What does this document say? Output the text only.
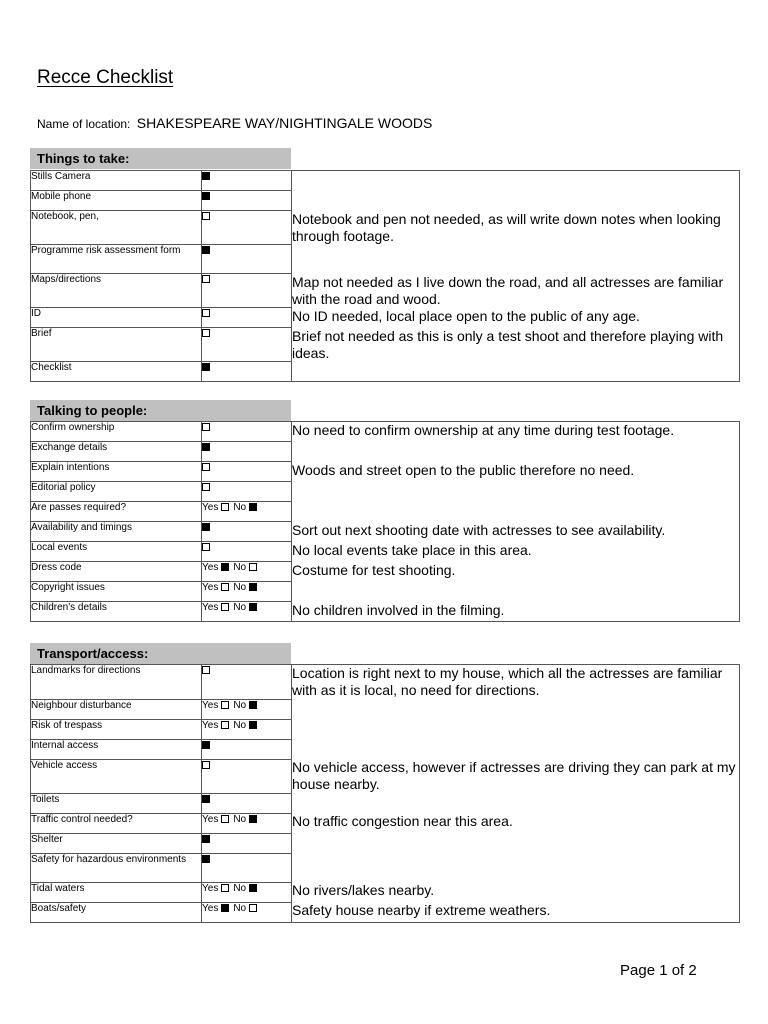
Recce Checklist
Name of location: SHAKESPEARE WAY/NIGHTINGALE WOODS
Things to take:
Stills Camera		
Mobile phone		
Notebook, pen,		Notebook and pen not needed, as will write down notes when looking through footage.
Programme risk assessment form		
Maps/directions		Map not needed as I live down the road, and all actresses are familiar with the road and wood.
ID		No ID needed, local place open to the public of any age.
Brief		Brief not needed as this is only a test shoot and therefore playing with ideas.
Checklist		
Talking to people:
Confirm ownership		No need to confirm ownership at any time during test footage.
Exchange details		
Explain intentions		Woods and street open to the public therefore no need.
Editorial policy		
Are passes required?	Yes No	
Availability and timings		Sort out next shooting date with actresses to see availability.
Local events		No local events take place in this area.
Dress code	Yes No	Costume for test shooting.
Copyright issues	Yes No	
Children's details	Yes No	No children involved in the filming.
Transport/access:
Landmarks for directions		Location is right next to my house, which all the actresses are familiar with as it is local, no need for directions.
Neighbour disturbance	Yes No	
Risk of trespass	Yes No	
Internal access		
Vehicle access		No vehicle access, however if actresses are driving they can park at my house nearby.
Toilets		
Traffic control needed?	Yes No	No traffic congestion near this area.
Shelter		
Safety for hazardous environments		
Tidal waters	Yes No	No rivers/lakes nearby.
Boats/safety	Yes No	Safety house nearby if extreme weathers.
Page 1 of 2
